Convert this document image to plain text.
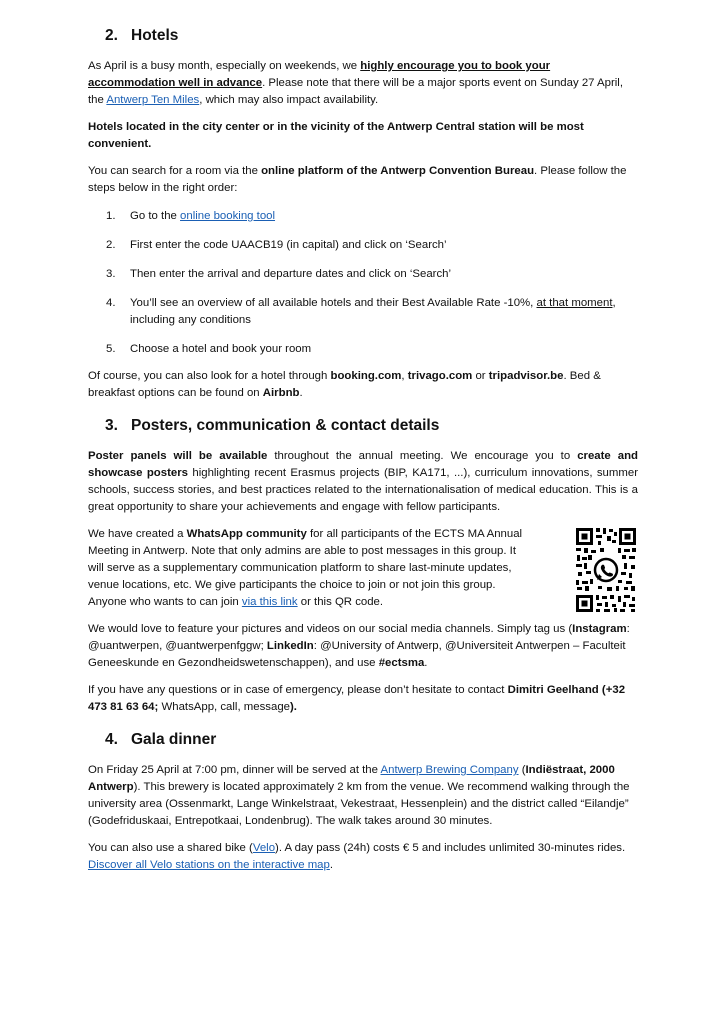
2. Hotels

As April is a busy month, especially on weekends, we highly encourage you to book your accommodation well in advance. Please note that there will be a major sports event on Sunday 27 April, the Antwerp Ten Miles, which may also impact availability.

Hotels located in the city center or in the vicinity of the Antwerp Central station will be most convenient.

You can search for a room via the online platform of the Antwerp Convention Bureau. Please follow the steps below in the right order:

1. Go to the online booking tool
2. First enter the code UAACB19 (in capital) and click on ‘Search’
3. Then enter the arrival and departure dates and click on ‘Search’
4. You’ll see an overview of all available hotels and their Best Available Rate -10%, at that moment, including any conditions
5. Choose a hotel and book your room

Of course, you can also look for a hotel through booking.com, trivago.com or tripadvisor.be. Bed & breakfast options can be found on Airbnb.

3. Posters, communication & contact details

Poster panels will be available throughout the annual meeting. We encourage you to create and showcase posters highlighting recent Erasmus projects (BIP, KA171, ...), curriculum innovations, summer schools, success stories, and best practices related to the internationalisation of medical education. This is a great opportunity to share your achievements and engage with fellow participants.

We have created a WhatsApp community for all participants of the ECTS MA Annual Meeting in Antwerp. Note that only admins are able to post messages in this group. It will serve as a supplementary communication platform to share last-minute updates, venue locations, etc. We give participants the choice to join or not join this group. Anyone who wants to can join via this link or this QR code.

We would love to feature your pictures and videos on our social media channels. Simply tag us (Instagram: @uantwerpen, @uantwerpenfggw; LinkedIn: @University of Antwerp, @Universiteit Antwerpen – Faculteit Geneeskunde en Gezondheidswetenschappen), and use #ectsma.

If you have any questions or in case of emergency, please don’t hesitate to contact Dimitri Geelhand (+32 473 81 63 64; WhatsApp, call, message).

4. Gala dinner

On Friday 25 April at 7:00 pm, dinner will be served at the Antwerp Brewing Company (Indiëstraat, 2000 Antwerp). This brewery is located approximately 2 km from the venue. We recommend walking through the university area (Ossenmarkt, Lange Winkelstraat, Vekestraat, Hessenplein) and the district called “Eilandje” (Godefriduskaai, Entrepotkaai, Londenbrug). The walk takes around 30 minutes.

You can also use a shared bike (Velo). A day pass (24h) costs € 5 and includes unlimited 30-minutes rides. Discover all Velo stations on the interactive map.
